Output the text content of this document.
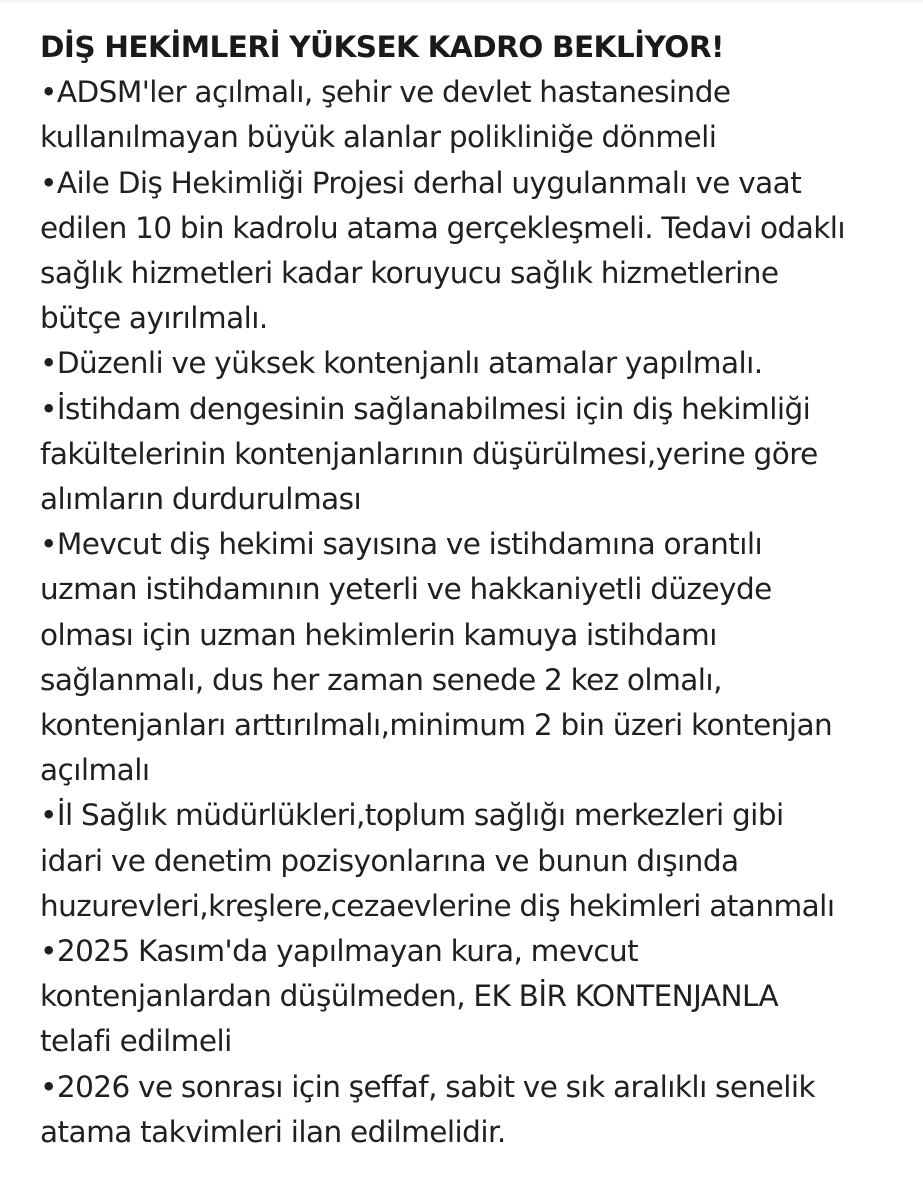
DİŞ HEKİMLERİ YÜKSEK KADRO BEKLİYOR!
•ADSM'ler açılmalı, şehir ve devlet hastanesinde
kullanılmayan büyük alanlar polikliniğe dönmeli
•Aile Diş Hekimliği Projesi derhal uygulanmalı ve vaat
edilen 10 bin kadrolu atama gerçekleşmeli. Tedavi odaklı
sağlık hizmetleri kadar koruyucu sağlık hizmetlerine
bütçe ayırılmalı.
•Düzenli ve yüksek kontenjanlı atamalar yapılmalı.
•İstihdam dengesinin sağlanabilmesi için diş hekimliği
fakültelerinin kontenjanlarının düşürülmesi,yerine göre
alımların durdurulması
•Mevcut diş hekimi sayısına ve istihdamına orantılı
uzman istihdamının yeterli ve hakkaniyetli düzeyde
olması için uzman hekimlerin kamuya istihdamı
sağlanmalı, dus her zaman senede 2 kez olmalı,
kontenjanları arttırılmalı,minimum 2 bin üzeri kontenjan
açılmalı
•İl Sağlık müdürlükleri,toplum sağlığı merkezleri gibi
idari ve denetim pozisyonlarına ve bunun dışında
huzurevleri,kreşlere,cezaevlerine diş hekimleri atanmalı
•2025 Kasım'da yapılmayan kura, mevcut
kontenjanlardan düşülmeden, EK BİR KONTENJANLA
telafi edilmeli
•2026 ve sonrası için şeffaf, sabit ve sık aralıklı senelik
atama takvimleri ilan edilmelidir.
